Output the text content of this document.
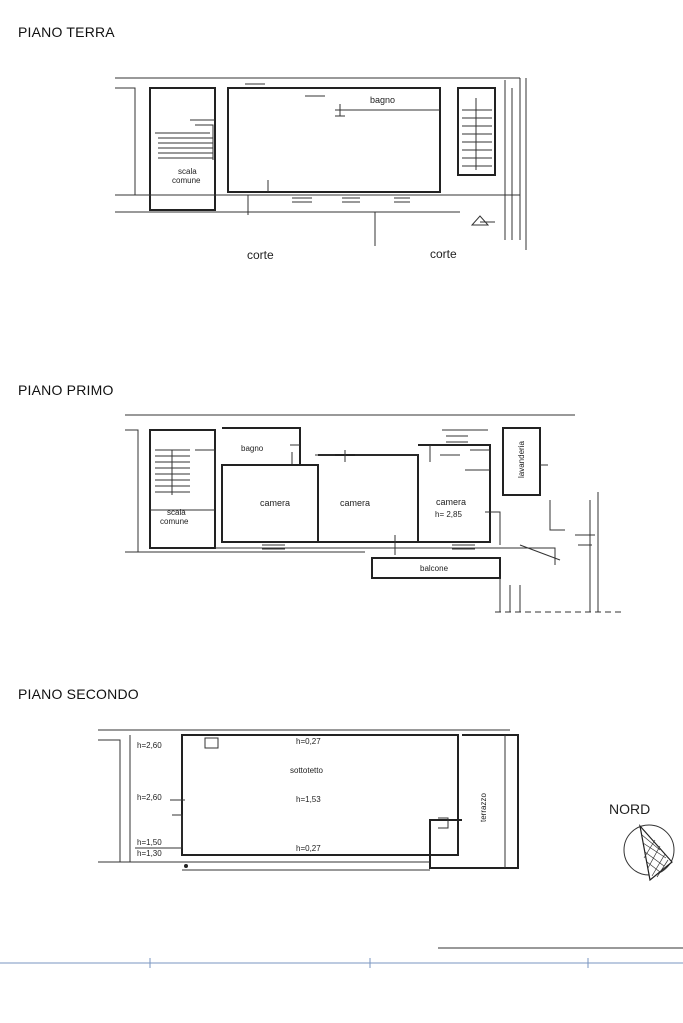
PIANO TERRA
PIANO PRIMO
PIANO SECONDO
bagno
scala
comune
corte	corte
bagno
camera	camera	camera
h= 2,85
lavanderia
scala
comune
balcone
h=0,27
sottotetto
h=1,53
h=0,27
h=2,60
h=2,60
h=1,50
h=1,30
terrazzo	NORD
